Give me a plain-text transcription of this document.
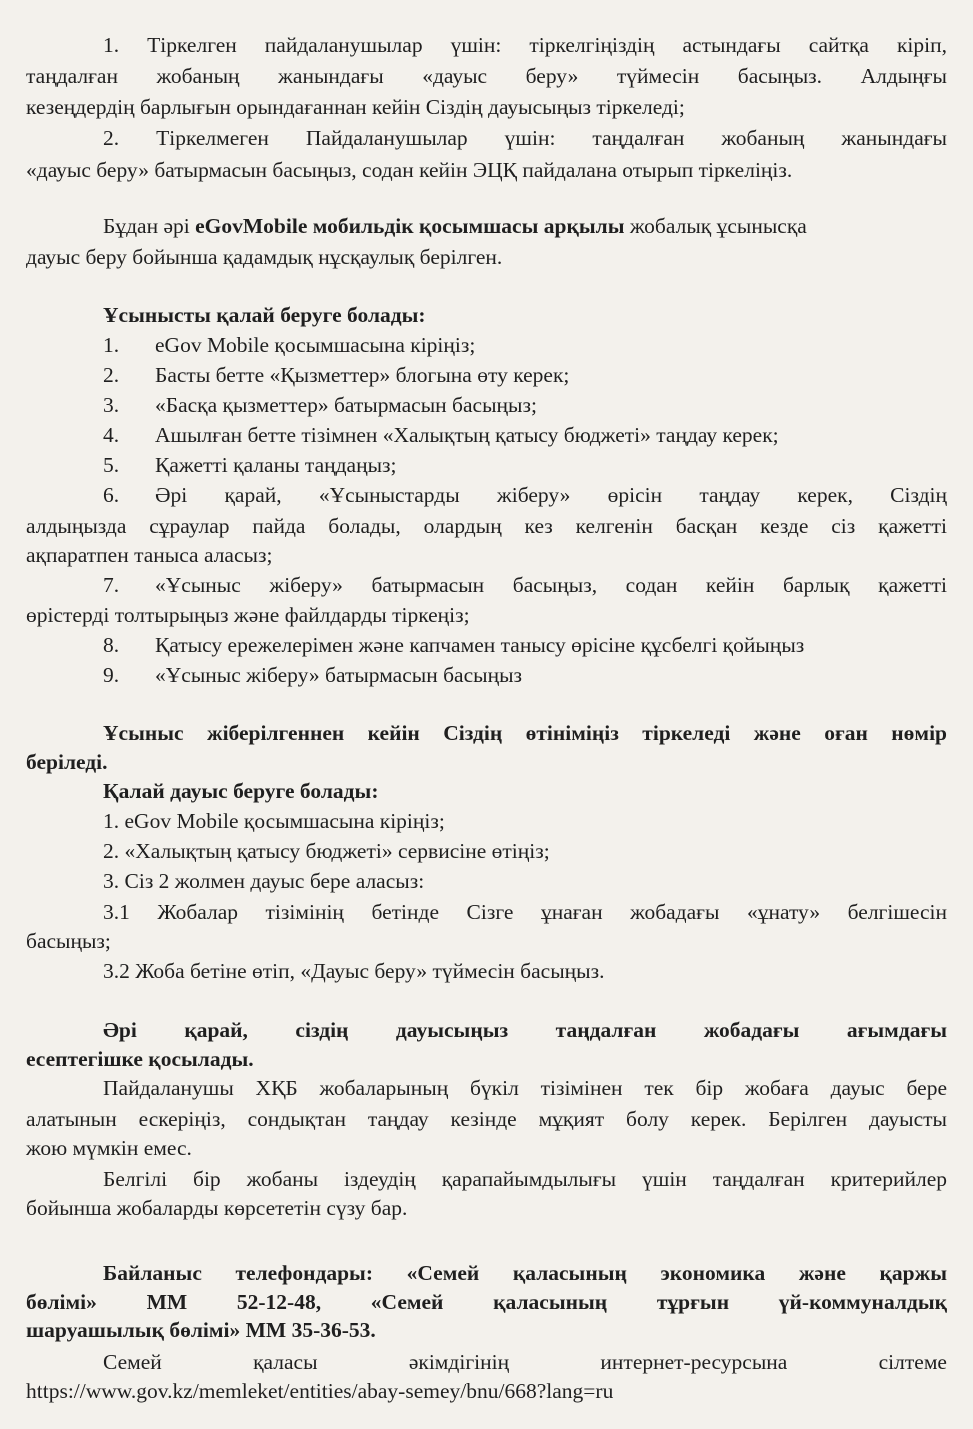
1. Тіркелген пайдаланушылар үшін: тіркелгіңіздің астындағы сайтқа кіріп,
таңдалған жобаның жанындағы «дауыс беру» түймесін басыңыз. Алдыңғы
кезеңдердің барлығын орындағаннан кейін Сіздің дауысыңыз тіркеледі;
2. Тіркелмеген Пайдаланушылар үшін: таңдалған жобаның жанындағы
«дауыс беру» батырмасын басыңыз, содан кейін ЭЦҚ пайдалана отырып тіркеліңіз.
Бұдан әрі eGovMobile мобильдік қосымшасы арқылы жобалық ұсынысқа
дауыс беру бойынша қадамдық нұсқаулық берілген.
Ұсынысты қалай беруге болады:
1. eGov Mobile қосымшасына кіріңіз;
2. Басты бетте «Қызметтер» блогына өту керек;
3. «Басқа қызметтер» батырмасын басыңыз;
4. Ашылған бетте тізімнен «Халықтың қатысу бюджеті» таңдау керек;
5. Қажетті қаланы таңдаңыз;
6.	Әрі қарай, «Ұсыныстарды жіберу» өрісін таңдау керек, Сіздің
алдыңызда сұраулар пайда болады, олардың кез келгенін басқан кезде сіз қажетті
ақпаратпен таныса аласыз;
7.	«Ұсыныс жіберу» батырмасын басыңыз, содан кейін барлық қажетті
өрістерді толтырыңыз және файлдарды тіркеңіз;
8. Қатысу ережелерімен және капчамен танысу өрісіне құсбелгі қойыңыз
9. «Ұсыныс жіберу» батырмасын басыңыз
Ұсыныс жіберілгеннен кейін Сіздің өтініміңіз тіркеледі және оған нөмір
беріледі.
Қалай дауыс беруге болады:
1. eGov Mobile қосымшасына кіріңіз;
2. «Халықтың қатысу бюджеті» сервисіне өтіңіз;
3. Сіз 2 жолмен дауыс бере аласыз:
3.1 Жобалар тізімінің бетінде Сізге ұнаған жобадағы «ұнату» белгішесін
басыңыз;
3.2 Жоба бетіне өтіп, «Дауыс беру» түймесін басыңыз.
Әрі қарай, сіздің дауысыңыз таңдалған жобадағы ағымдағы
есептегішке қосылады.
Пайдаланушы ХҚБ жобаларының бүкіл тізімінен тек бір жобаға дауыс бере
алатынын ескеріңіз, сондықтан таңдау кезінде мұқият болу керек. Берілген дауысты
жою мүмкін емес.
Белгілі бір жобаны іздеудің қарапайымдылығы үшін таңдалған критерийлер
бойынша жобаларды көрсететін сүзу бар.
Байланыс телефондары: «Семей қаласының экономика және қаржы
бөлімі» ММ 52-12-48, «Семей қаласының тұрғын үй-коммуналдық
шаруашылық бөлімі» ММ 35-36-53.
Семей	қаласы	әкімдігінің	интернет-ресурсына	сілтеме
https://www.gov.kz/memleket/entities/abay-semey/bnu/668?lang=ru
